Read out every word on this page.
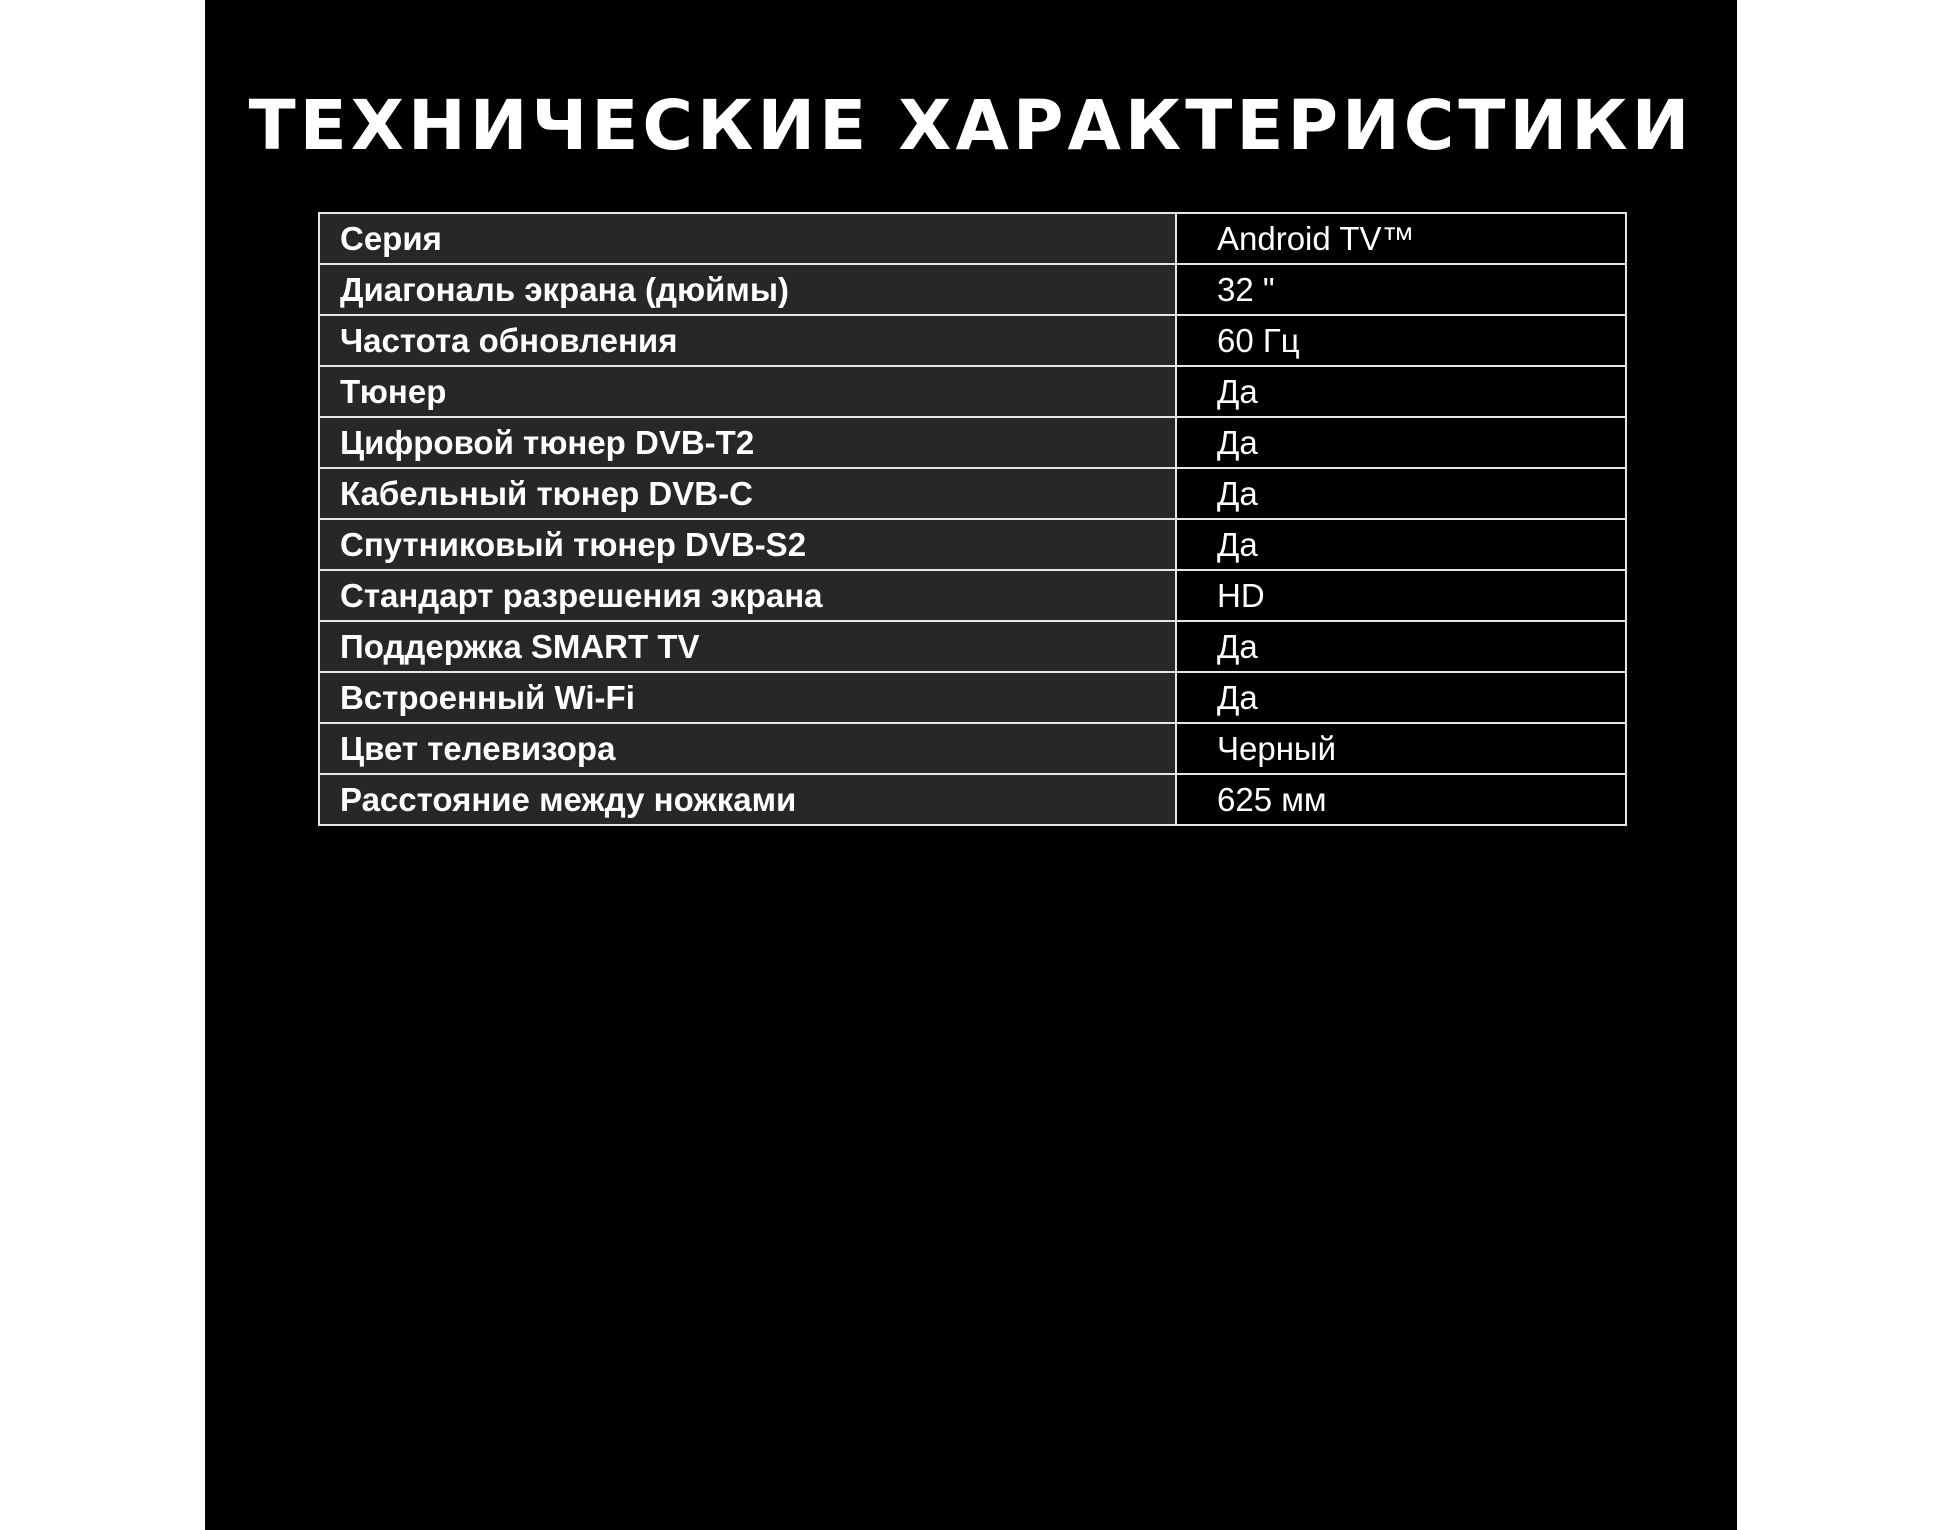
ТЕХНИЧЕСКИЕ ХАРАКТЕРИСТИКИ
Серия	Android TV™
Диагональ экрана (дюймы)	32 "
Частота обновления	60 Гц
Тюнер	Да
Цифровой тюнер DVB-T2	Да
Кабельный тюнер DVB-C	Да
Спутниковый тюнер DVB-S2	Да
Стандарт разрешения экрана	HD
Поддержка SMART TV	Да
Встроенный Wi-Fi	Да
Цвет телевизора	Черный
Расстояние между ножками	625 мм
